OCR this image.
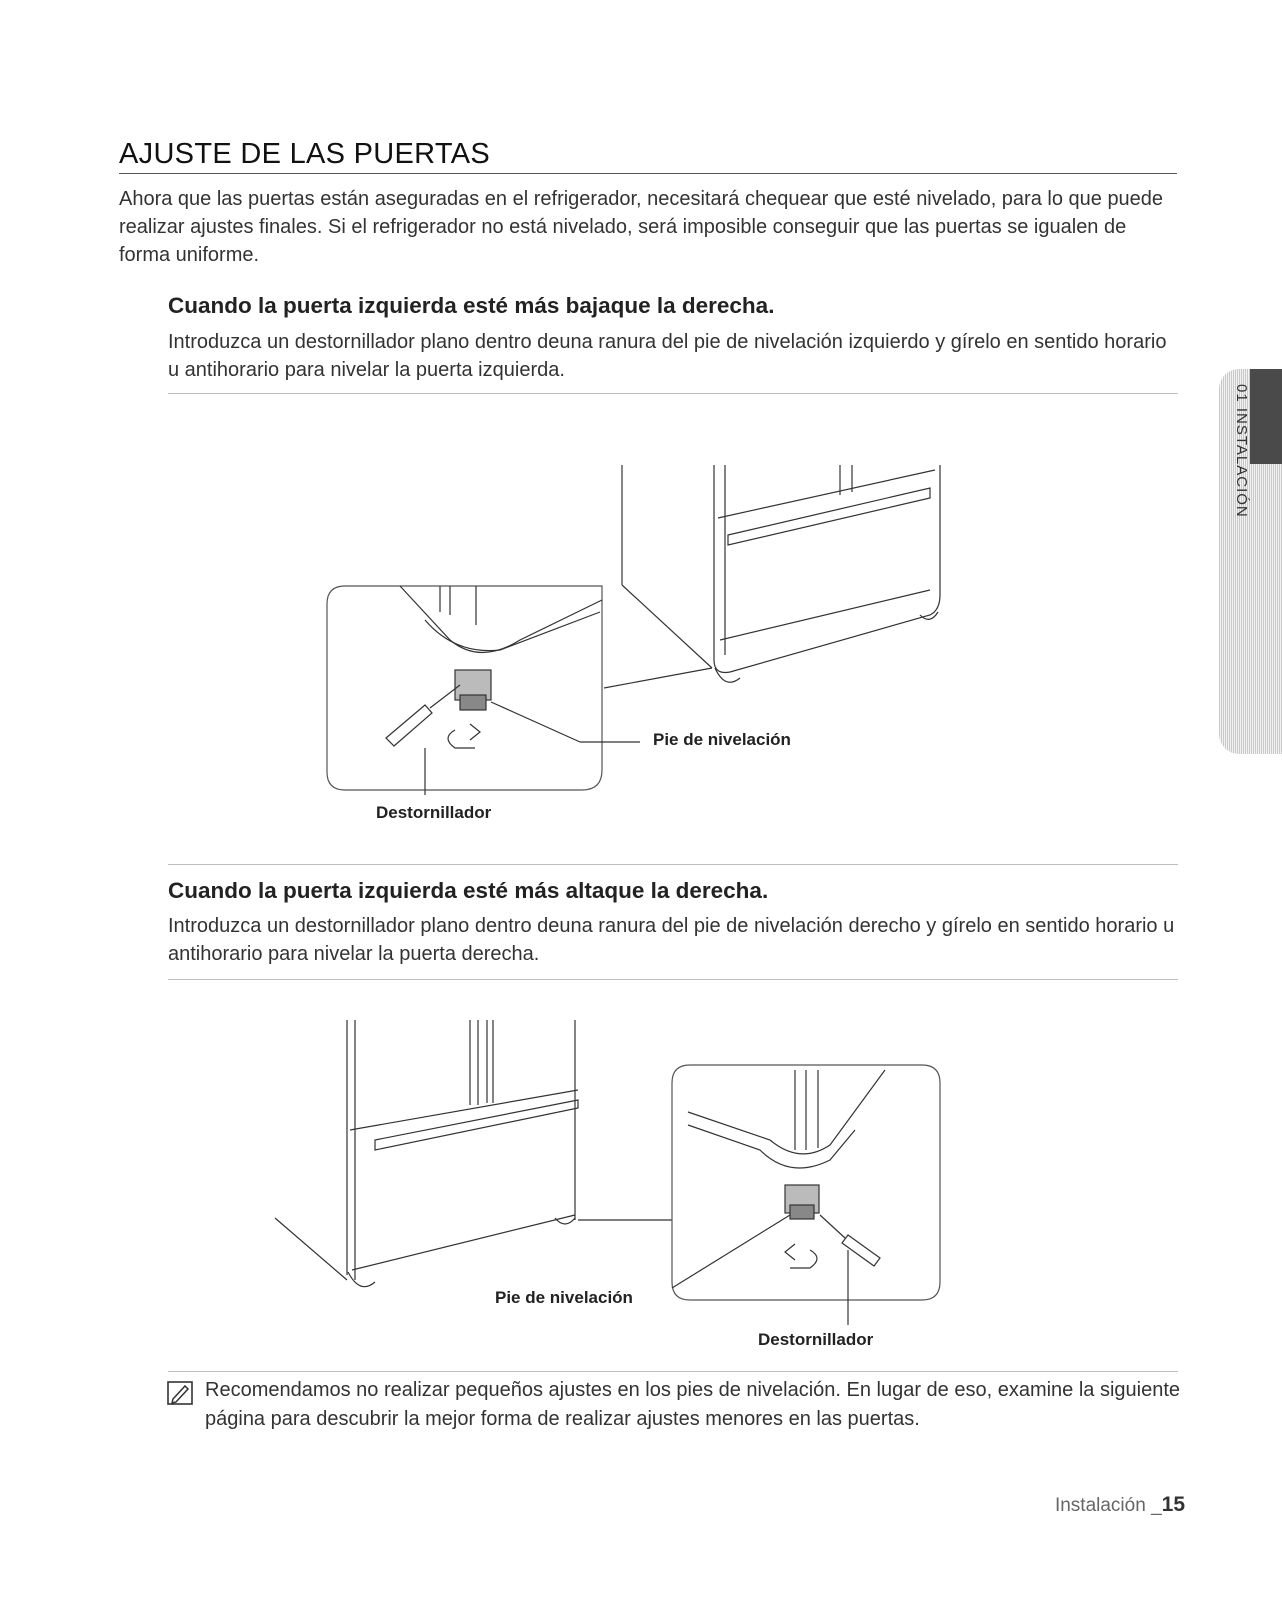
AJUSTE DE LAS PUERTAS

Ahora que las puertas están aseguradas en el refrigerador, necesitará chequear que esté nivelado, para lo que puede realizar ajustes finales. Si el refrigerador no está nivelado, será imposible conseguir que las puertas se igualen de forma uniforme.

01 INSTALACIÓN
Cuando la puerta izquierda esté más bajaque la derecha.

Introduzca un destornillador plano dentro deuna ranura del pie de nivelación izquierdo y gírelo en sentido horario u antihorario para nivelar la puerta izquierda.

Pie de nivelación
Destornillador
Cuando la puerta izquierda esté más altaque la derecha.

Introduzca un destornillador plano dentro deuna ranura del pie de nivelación derecho y gírelo en sentido horario u antihorario para nivelar la puerta derecha.

Pie de nivelación
Destornillador

Recomendamos no realizar pequeños ajustes en los pies de nivelación. En lugar de eso, examine la siguiente página para descubrir la mejor forma de realizar ajustes menores en las puertas.

Instalación _15
